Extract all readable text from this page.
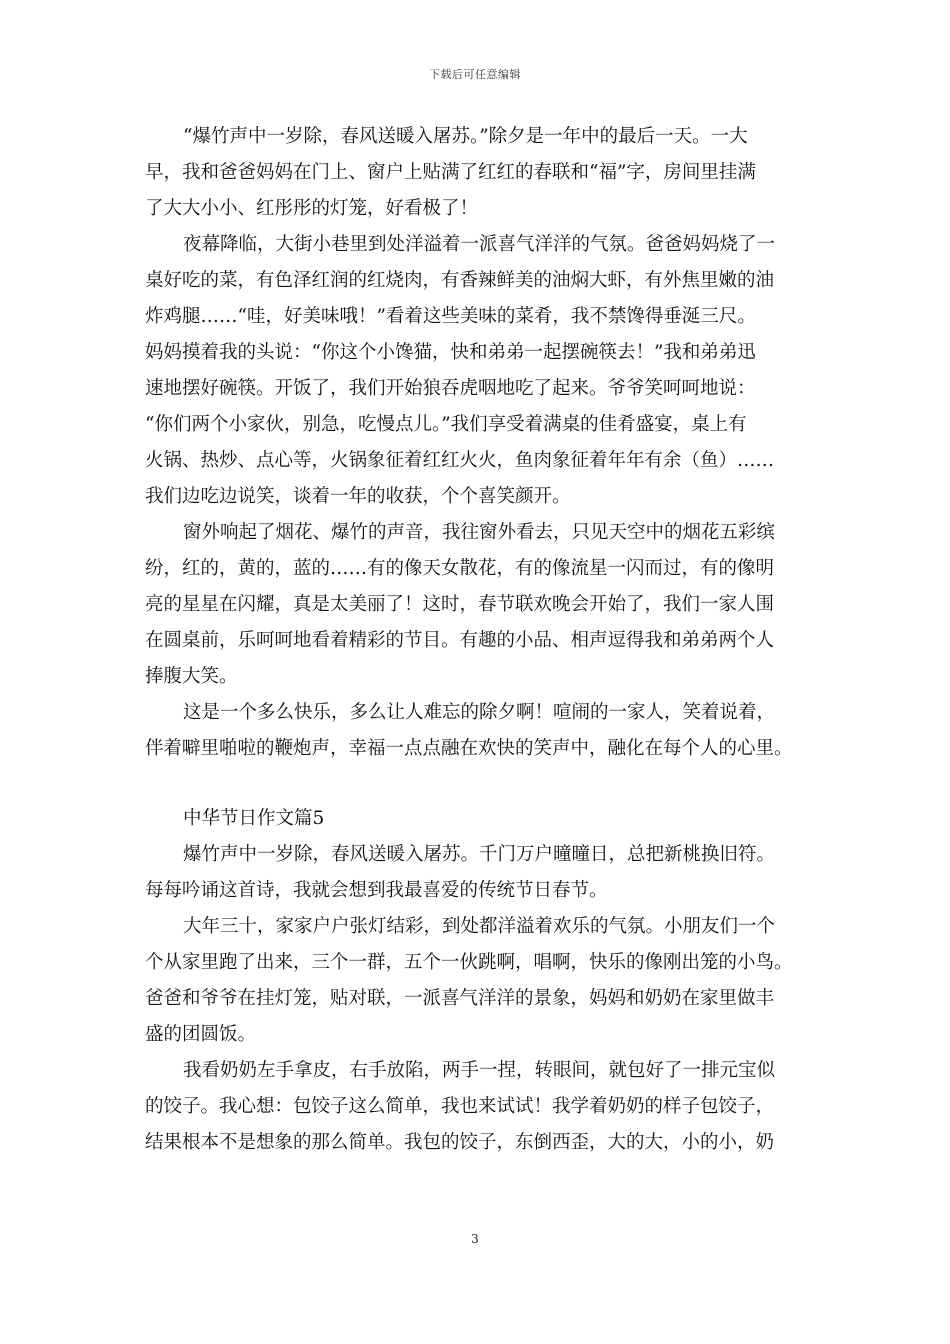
下载后可任意编辑
“爆竹声中一岁除，春风送暖入屠苏。”除夕是一年中的最后一天。一大
早，我和爸爸妈妈在门上、窗户上贴满了红红的春联和“福”字，房间里挂满
了大大小小、红彤彤的灯笼，好看极了！
夜幕降临，大街小巷里到处洋溢着一派喜气洋洋的气氛。爸爸妈妈烧了一
桌好吃的菜，有色泽红润的红烧肉，有香辣鲜美的油焖大虾，有外焦里嫩的油
炸鸡腿……“哇，好美味哦！”看着这些美味的菜肴，我不禁馋得垂涎三尺。
妈妈摸着我的头说：“你这个小馋猫，快和弟弟一起摆碗筷去！”我和弟弟迅
速地摆好碗筷。开饭了，我们开始狼吞虎咽地吃了起来。爷爷笑呵呵地说：
“你们两个小家伙，别急，吃慢点儿。”我们享受着满桌的佳肴盛宴，桌上有
火锅、热炒、点心等，火锅象征着红红火火，鱼肉象征着年年有余（鱼）……
我们边吃边说笑，谈着一年的收获，个个喜笑颜开。
窗外响起了烟花、爆竹的声音，我往窗外看去，只见天空中的烟花五彩缤
纷，红的，黄的，蓝的……有的像天女散花，有的像流星一闪而过，有的像明
亮的星星在闪耀，真是太美丽了！这时，春节联欢晚会开始了，我们一家人围
在圆桌前，乐呵呵地看着精彩的节目。有趣的小品、相声逗得我和弟弟两个人
捧腹大笑。
这是一个多么快乐，多么让人难忘的除夕啊！喧闹的一家人，笑着说着，
伴着噼里啪啦的鞭炮声，幸福一点点融在欢快的笑声中，融化在每个人的心里。
中华节日作文篇5
爆竹声中一岁除，春风送暖入屠苏。千门万户曈曈日，总把新桃换旧符。
每每吟诵这首诗，我就会想到我最喜爱的传统节日春节。
大年三十，家家户户张灯结彩，到处都洋溢着欢乐的气氛。小朋友们一个
个从家里跑了出来，三个一群，五个一伙跳啊，唱啊，快乐的像刚出笼的小鸟。
爸爸和爷爷在挂灯笼，贴对联，一派喜气洋洋的景象，妈妈和奶奶在家里做丰
盛的团圆饭。
我看奶奶左手拿皮，右手放陷，两手一捏，转眼间，就包好了一排元宝似
的饺子。我心想：包饺子这么简单，我也来试试！我学着奶奶的样子包饺子，
结果根本不是想象的那么简单。我包的饺子，东倒西歪，大的大，小的小，奶
3
